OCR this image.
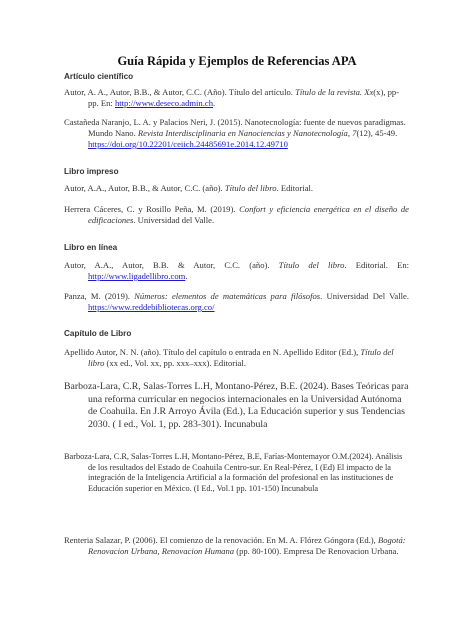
Guía Rápida y Ejemplos de Referencias APA
Artículo científico
Autor, A. A., Autor, B.B., & Autor, C.C. (Año). Título del artículo. Título de la revista. Xx(x), pp-pp. En: http://www.deseco.admin.ch.
Castañeda Naranjo, L. A. y Palacios Neri, J. (2015). Nanotecnología: fuente de nuevos paradigmas. Mundo Nano. Revista Interdisciplinaria en Nanociencias y Nanotecnología, 7(12), 45-49. https://doi.org/10.22201/ceiich.24485691e.2014.12.49710
Libro impreso
Autor, A.A., Autor, B.B., & Autor, C.C. (año). Título del libro. Editorial.
Herrera Cáceres, C. y Rosillo Peña, M. (2019). Confort y eficiencia energética en el diseño de edificaciones. Universidad del Valle.
Libro en línea
Autor, A.A., Autor, B.B. & Autor, C.C. (año). Título del libro. Editorial. En: http://www.ligadellibro.com.
Panza, M. (2019). Números: elementos de matemáticas para filósofos. Universidad Del Valle. https://www.reddebibliotecas.org.co/
Capítulo de Libro
Apellido Autor, N. N. (año). Título del capítulo o entrada en N. Apellido Editor (Ed.), Título del libro (xx ed., Vol. xx, pp. xxx–xxx). Editorial.
Barboza-Lara, C.R, Salas-Torres L.H, Montano-Pérez, B.E. (2024). Bases Teóricas para una reforma curricular en negocios internacionales en la Universidad Autónoma de Coahuila. En J.R Arroyo Ávila (Ed.), La Educación superior y sus Tendencias 2030. ( I ed., Vol. 1, pp. 283-301). Incunabula
Barboza-Lara, C.R, Salas-Torres L.H, Montano-Pérez, B.E, Farías-Montemayor O.M.(2024). Análisis de los resultados del Estado de Coahuila Centro-sur. En Real-Pérez, I (Ed) El impacto de la integración de la Inteligencia Artificial a la formación del profesional en las instituciones de Educación superior en México. (I Ed., Vol.1 pp. 101-150) Incunabula
Renteria Salazar, P. (2006). El comienzo de la renovación. En M. A. Flórez Góngora (Ed.), Bogotá: Renovacion Urbana, Renovacion Humana (pp. 80-100). Empresa De Renovacion Urbana.
